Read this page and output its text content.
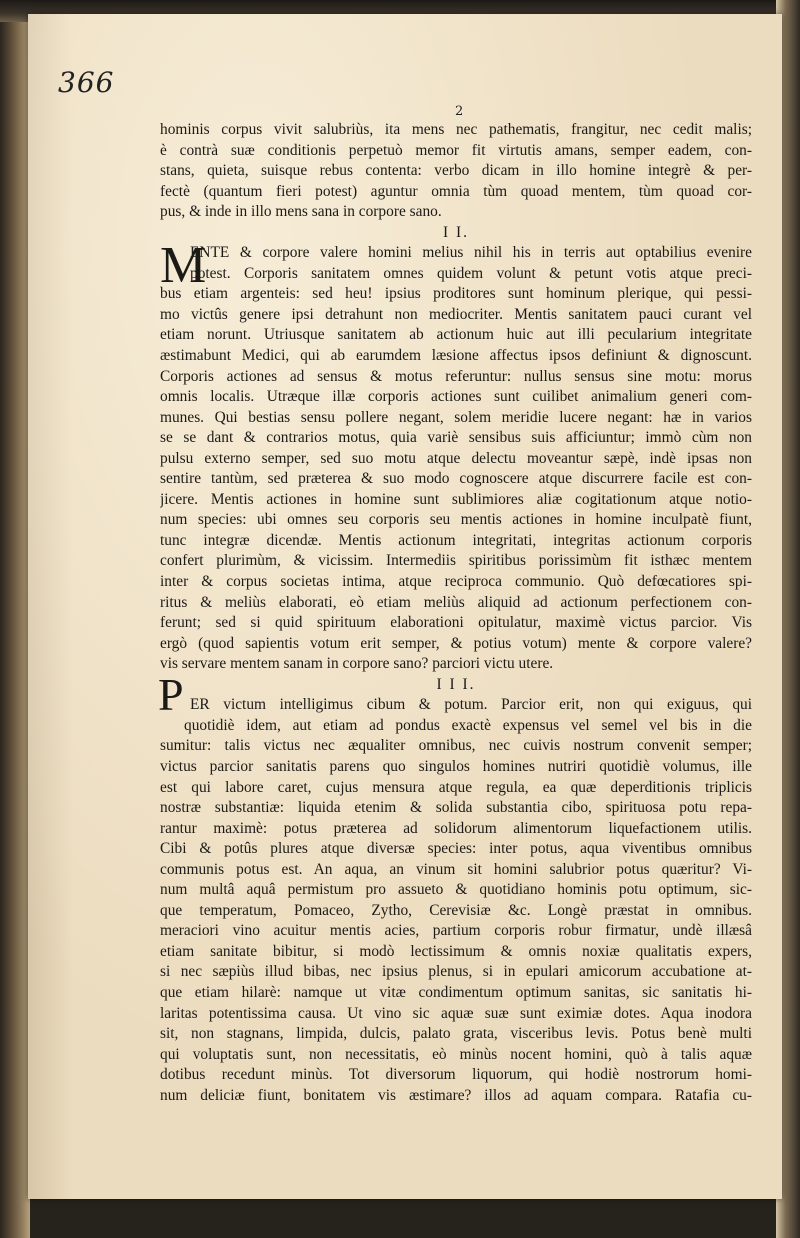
366
2
M
P
hominis corpus vivit salubriùs, ita mens nec pathematis, frangitur, nec cedit malis;
è contrà suæ conditionis perpetuò memor fit virtutis amans, semper eadem, con-
stans, quieta, suisque rebus contenta: verbo dicam in illo homine integrè & per-
fectè (quantum fieri potest) aguntur omnia tùm quoad mentem, tùm quoad cor-
pus, & inde in illo mens sana in corpore sano.
I I.
ENTE & corpore valere homini melius nihil his in terris aut optabilius evenire
potest. Corporis sanitatem omnes quidem volunt & petunt votis atque preci-
bus etiam argenteis: sed heu! ipsius proditores sunt hominum plerique, qui pessi-
mo victûs genere ipsi detrahunt non mediocriter. Mentis sanitatem pauci curant vel
etiam norunt. Utriusque sanitatem ab actionum huic aut illi pecularium integritate
æstimabunt Medici, qui ab earumdem læsione affectus ipsos definiunt & dignoscunt.
Corporis actiones ad sensus & motus referuntur: nullus sensus sine motu: morus
omnis localis. Utræque illæ corporis actiones sunt cuilibet animalium generi com-
munes. Qui bestias sensu pollere negant, solem meridie lucere negant: hæ in varios
se se dant & contrarios motus, quia variè sensibus suis afficiuntur; immò cùm non
pulsu externo semper, sed suo motu atque delectu moveantur sæpè, indè ipsas non
sentire tantùm, sed præterea & suo modo cognoscere atque discurrere facile est con-
jicere. Mentis actiones in homine sunt sublimiores aliæ cogitationum atque notio-
num species: ubi omnes seu corporis seu mentis actiones in homine inculpatè fiunt,
tunc integræ dicendæ. Mentis actionum integritati, integritas actionum corporis
confert plurimùm, & vicissim. Intermediis spiritibus porissimùm fit isthæc mentem
inter & corpus societas intima, atque reciproca communio. Quò defœcatiores spi-
ritus & meliùs elaborati, eò etiam meliùs aliquid ad actionum perfectionem con-
ferunt; sed si quid spirituum elaborationi opitulatur, maximè victus parcior. Vis
ergò (quod sapientis votum erit semper, & potius votum) mente & corpore valere?
vis servare mentem sanam in corpore sano? parciori victu utere.
I I I.
ER victum intelligimus cibum & potum. Parcior erit, non qui exiguus, qui
quotidiè idem, aut etiam ad pondus exactè expensus vel semel vel bis in die
sumitur: talis victus nec æqualiter omnibus, nec cuivis nostrum convenit semper;
victus parcior sanitatis parens quo singulos homines nutriri quotidiè volumus, ille
est qui labore caret, cujus mensura atque regula, ea quæ deperditionis triplicis
nostræ substantiæ: liquida etenim & solida substantia cibo, spirituosa potu repa-
rantur maximè: potus præterea ad solidorum alimentorum liquefactionem utilis.
Cibi & potûs plures atque diversæ species: inter potus, aqua viventibus omnibus
communis potus est. An aqua, an vinum sit homini salubrior potus quæritur? Vi-
num multâ aquâ permistum pro assueto & quotidiano hominis potu optimum, sic-
que temperatum, Pomaceo, Zytho, Cerevisiæ &c. Longè præstat in omnibus.
meraciori vino acuitur mentis acies, partium corporis robur firmatur, undè illæsâ
etiam sanitate bibitur, si modò lectissimum & omnis noxiæ qualitatis expers,
si nec sæpiùs illud bibas, nec ipsius plenus, si in epulari amicorum accubatione at-
que etiam hilarè: namque ut vitæ condimentum optimum sanitas, sic sanitatis hi-
laritas potentissima causa. Ut vino sic aquæ suæ sunt eximiæ dotes. Aqua inodora
sit, non stagnans, limpida, dulcis, palato grata, visceribus levis. Potus benè multi
qui voluptatis sunt, non necessitatis, eò minùs nocent homini, quò à talis aquæ
dotibus recedunt minùs. Tot diversorum liquorum, qui hodiè nostrorum homi-
num deliciæ fiunt, bonitatem vis æstimare? illos ad aquam compara. Ratafia cu-
